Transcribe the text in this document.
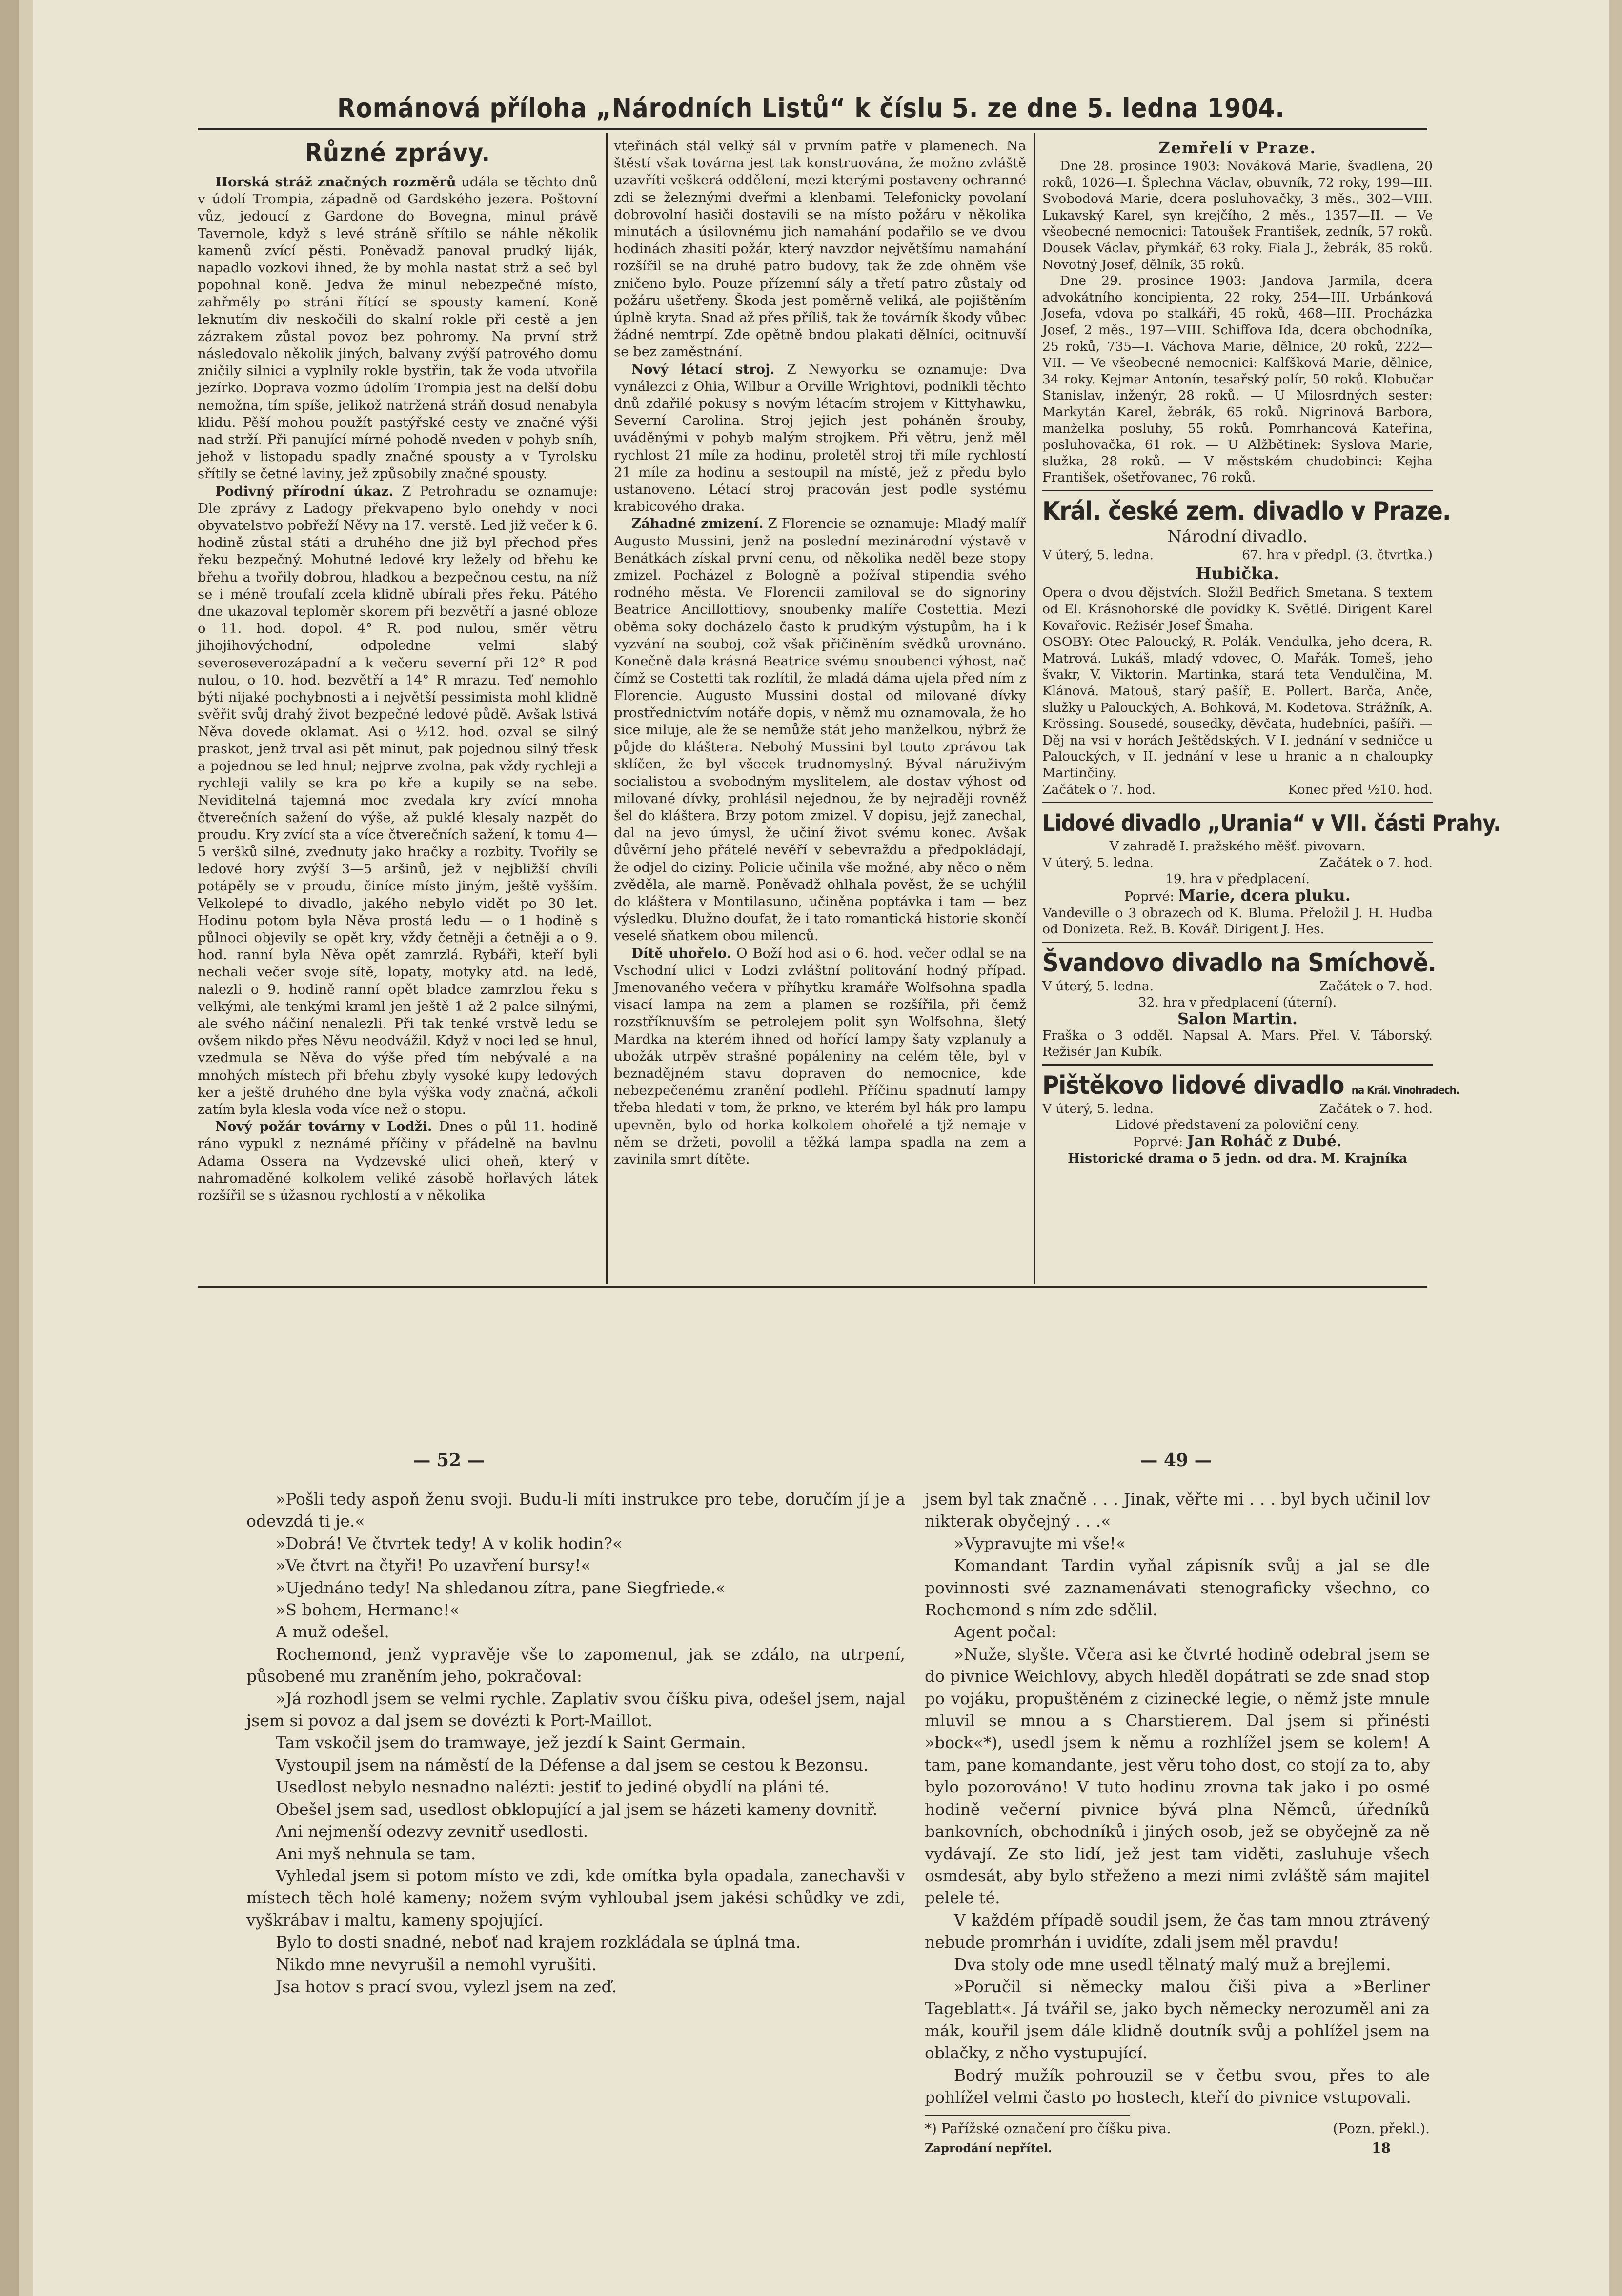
Románová příloha „Národních Listů“ k číslu 5. ze dne 5. ledna 1904.
Různé zprávy.

Horská stráž značných rozměrů udála se těchto dnů v údolí Trompia, západně od Gardského jezera. Poštovní vůz, jedoucí z Gardone do Bovegna, minul právě Tavernole, když s levé stráně sřítilo se náhle několik kamenů zvící pěsti. Poněvadž panoval prudký liják, napadlo vozkovi ihned, že by mohla nastat strž a seč byl popohnal koně. Jedva že minul nebezpečné místo, zahřměly po stráni řítící se spousty kamení. Koně leknutím div neskočili do skalní rokle při cestě a jen zázrakem zůstal povoz bez pohromy. Na první strž následovalo několik jiných, balvany zvýší patrového domu zničily silnici a vyplnily rokle bystřin, tak že voda utvořila jezírko. Doprava vozmo údolím Trompia jest na delší dobu nemožna, tím spíše, jelikož natržená stráň dosud nenabyla klidu. Pěší mohou použít pastýřské cesty ve značné výši nad strží. Při panující mírné pohodě nveden v pohyb sníh, jehož v listopadu spadly značné spousty a v Tyrolsku sřítily se četné laviny, jež způsobily značné spousty.

Podivný přírodní úkaz. Z Petrohradu se oznamuje: Dle zprávy z Ladogy překvapeno bylo onehdy v noci obyvatelstvo pobřeží Něvy na 17. verstě. Led již večer k 6. hodině zůstal státi a druhého dne již byl přechod přes řeku bezpečný. Mohutné ledové kry ležely od břehu ke břehu a tvořily dobrou, hladkou a bezpečnou cestu, na níž se i méně troufalí zcela klidně ubírali přes řeku. Pátého dne ukazoval teploměr skorem při bezvětří a jasné obloze o 11. hod. dopol. 4° R. pod nulou, směr větru jihojihovýchodní, odpoledne velmi slabý severoseverozápadní a k večeru severní při 12° R pod nulou, o 10. hod. bezvětří a 14° R mrazu. Teď nemohlo býti nijaké pochybnosti a i největší pessimista mohl klidně svěřit svůj drahý život bezpečné ledové půdě. Avšak lstivá Něva dovede oklamat. Asi o ½12. hod. ozval se silný praskot, jenž trval asi pět minut, pak pojednou silný třesk a pojednou se led hnul; nejprve zvolna, pak vždy rychleji a rychleji valily se kra po kře a kupily se na sebe. Neviditelná tajemná moc zvedala kry zvící mnoha čtverečních sažení do výše, až puklé klesaly nazpět do proudu. Kry zvící sta a více čtverečních sažení, k tomu 4—5 veršků silné, zvednuty jako hračky a rozbity. Tvořily se ledové hory zvýší 3—5 aršinů, jež v nejbližší chvíli potápěly se v proudu, činíce místo jiným, ještě vyšším. Velkolepé to divadlo, jakého nebylo vidět po 30 let. Hodinu potom byla Něva prostá ledu — o 1 hodině s půlnoci objevily se opět kry, vždy četněji a četněji a o 9. hod. ranní byla Něva opět zamrzlá. Rybáři, kteří byli nechali večer svoje sítě, lopaty, motyky atd. na ledě, nalezli o 9. hodině ranní opět bladce zamrzlou řeku s velkými, ale tenkými kraml jen ještě 1 až 2 palce silnými, ale svého náčiní nenalezli. Při tak tenké vrstvě ledu se ovšem nikdo přes Něvu neodvážil. Když v noci led se hnul, vzedmula se Něva do výše před tím nebývalé a na mnohých místech při břehu zbyly vysoké kupy ledových ker a ještě druhého dne byla výška vody značná, ačkoli zatím byla klesla voda více než o stopu.

Nový požár továrny v Lodži. Dnes o půl 11. hodině ráno vypukl z neznámé příčiny v přádelně na bavlnu Adama Ossera na Vydzevské ulici oheň, který v nahromaděné kolkolem veliké zásobě hořlavých látek rozšířil se s úžasnou rychlostí a v několika

vteřinách stál velký sál v prvním patře v plamenech. Na štěstí však továrna jest tak konstruována, že možno zvláště uzavříti veškerá oddělení, mezi kterými postaveny ochranné zdi se železnými dveřmi a klenbami. Telefonicky povolaní dobrovolní hasiči dostavili se na místo požáru v několika minutách a úsilovnému jich namahání podařilo se ve dvou hodinách zhasiti požár, který navzdor největšímu namahání rozšířil se na druhé patro budovy, tak že zde ohněm vše zničeno bylo. Pouze přízemní sály a třetí patro zůstaly od požáru ušetřeny. Škoda jest poměrně veliká, ale pojištěním úplně kryta. Snad až přes příliš, tak že továrník škody vůbec žádné nemtrpí. Zde opětně bndou plakati dělníci, ocitnuvší se bez zaměstnání.

Nový létací stroj. Z Newyorku se oznamuje: Dva vynálezci z Ohia, Wilbur a Orville Wrightovi, podnikli těchto dnů zdařilé pokusy s novým létacím strojem v Kittyhawku, Severní Carolina. Stroj jejich jest poháněn šrouby, uváděnými v pohyb malým strojkem. Při větru, jenž měl rychlost 21 míle za hodinu, proletěl stroj tři míle rychlostí 21 míle za hodinu a sestoupil na místě, jež z předu bylo ustanoveno. Létací stroj pracován jest podle systému krabicového draka.

Záhadné zmizení. Z Florencie se oznamuje: Mladý malíř Augusto Mussini, jenž na poslední mezinárodní výstavě v Benátkách získal první cenu, od několika neděl beze stopy zmizel. Pocházel z Bologně a požíval stipendia svého rodného města. Ve Florencii zamiloval se do signoriny Beatrice Ancillottiovy, snoubenky malíře Costettia. Mezi oběma soky docházelo často k prudkým výstupům, ha i k vyzvání na souboj, což však přičiněním svědků urovnáno. Konečně dala krásná Beatrice svému snoubenci výhost, nač čímž se Costetti tak rozlítil, že mladá dáma ujela před ním z Florencie. Augusto Mussini dostal od milované dívky prostřednictvím notáře dopis, v němž mu oznamovala, že ho sice miluje, ale že se nemůže stát jeho manželkou, nýbrž že půjde do kláštera. Nebohý Mussini byl touto zprávou tak sklíčen, že byl všecek trudnomyslný. Býval náruživým socialistou a svobodným myslitelem, ale dostav výhost od milované dívky, prohlásil nejednou, že by nejraději rovněž šel do kláštera. Brzy potom zmizel. V dopisu, jejž zanechal, dal na jevo úmysl, že učiní život svému konec. Avšak důvěrní jeho přátelé nevěří v sebevraždu a předpokládají, že odjel do ciziny. Policie učinila vše možné, aby něco o něm zvěděla, ale marně. Poněvadž ohlhala pověst, že se uchýlil do kláštera v Montilasuno, učiněna poptávka i tam — bez výsledku. Dlužno doufat, že i tato romantická historie skončí veselé sňatkem obou milenců.

Dítě uhořelo. O Boží hod asi o 6. hod. večer odlal se na Vschodní ulici v Lodzi zvláštní politování hodný případ. Jmenovaného večera v příhytku kramáře Wolfsohna spadla visací lampa na zem a plamen se rozšířila, při čemž rozstříknuvším se petrolejem polit syn Wolfsohna, šletý Mardka na kterém ihned od hořící lampy šaty vzplanuly a ubožák utrpěv strašné popáleniny na celém těle, byl v beznadějném stavu dopraven do nemocnice, kde nebezpečenému zranění podlehl. Příčinu spadnutí lampy třeba hledati v tom, že prkno, ve kterém byl hák pro lampu upevněn, bylo od horka kolkolem ohořelé a tjž nemaje v něm se držeti, povolil a těžká lampa spadla na zem a zavinila smrt dítěte.

Zemřelí v Praze.

Dne 28. prosince 1903: Nováková Marie, švadlena, 20 roků, 1026—I. Šplechna Václav, obuvník, 72 roky, 199—III. Svobodová Marie, dcera posluhovačky, 3 měs., 302—VIII. Lukavský Karel, syn krejčího, 2 měs., 1357—II. — Ve všeobecné nemocnici: Tatoušek František, zedník, 57 roků. Dousek Václav, přymkář, 63 roky. Fiala J., žebrák, 85 roků. Novotný Josef, dělník, 35 roků.

Dne 29. prosince 1903: Jandova Jarmila, dcera advokátního koncipienta, 22 roky, 254—III. Urbánková Josefa, vdova po stalkáři, 45 roků, 468—III. Procházka Josef, 2 měs., 197—VIII. Schiffova Ida, dcera obchodníka, 25 roků, 735—I. Váchova Marie, dělnice, 20 roků, 222—VII. — Ve všeobecné nemocnici: Kalfšková Marie, dělnice, 34 roky. Kejmar Antonín, tesařský polír, 50 roků. Klobučar Stanislav, inženýr, 28 roků. — U Milosrdných sester: Markytán Karel, žebrák, 65 roků. Nigrinová Barbora, manželka posluhy, 55 roků. Pomrhancová Kateřina, posluhovačka, 61 rok. — U Alžbětinek: Syslova Marie, služka, 28 roků. — V městském chudobinci: Kejha František, ošetřovanec, 76 roků.

Král. české zem. divadlo v Praze.
Národní divadlo.
V úterý, 5. ledna.	67. hra v předpl. (3. čtvrtka.)
Hubička.

Opera o dvou dějstvích. Složil Bedřich Smetana. S textem od El. Krásnohorské dle povídky K. Světlé. Dirigent Karel Kovařovic. Režisér Josef Šmaha.

OSOBY: Otec Paloucký, R. Polák. Vendulka, jeho dcera, R. Matrová. Lukáš, mladý vdovec, O. Mařák. Tomeš, jeho švakr, V. Viktorin. Martinka, stará teta Vendulčina, M. Klánová. Matouš, starý pašíř, E. Pollert. Barča, Anče, služky u Palouckých, A. Bohková, M. Kodetova. Strážník, A. Krössing. Sousedé, sousedky, děvčata, hudebníci, pašíři. — Děj na vsi v horách Ještědských. V I. jednání v sedničce u Palouckých, v II. jednání v lese u hranic a n chaloupky Martinčiny.

Začátek o 7. hod.	Konec před ½10. hod.
Lidové divadlo „Urania“ v VII. části Prahy.
V zahradě I. pražského měšť. pivovarn.
V úterý, 5. ledna.	Začátek o 7. hod.
19. hra v předplacení.
Poprvé: Marie, dcera pluku.

Vandeville o 3 obrazech od K. Bluma. Přeložil J. H. Hudba od Donizeta. Rež. B. Kovář. Dirigent J. Hes.

Švandovo divadlo na Smíchově.
V úterý, 5. ledna.	Začátek o 7. hod.
32. hra v předplacení (úterní).
Salon Martin.

Fraška o 3 odděl. Napsal A. Mars. Přel. V. Táborský. Režisér Jan Kubík.

Pištěkovo lidové divadlo na Král. Vinohradech.
V úterý, 5. ledna.	Začátek o 7. hod.
Lidové představení za poloviční ceny.
Poprvé: Jan Roháč z Dubé.
Historické drama o 5 jedn. od dra. M. Krajníka
— 52 —	— 49 —

»Pošli tedy aspoň ženu svoji. Budu-li míti instrukce pro tebe, doručím jí je a odevzdá ti je.«

»Dobrá! Ve čtvrtek tedy! A v kolik hodin?«

»Ve čtvrt na čtyři! Po uzavření bursy!«

»Ujednáno tedy! Na shledanou zítra, pane Siegfriede.«

»S bohem, Hermane!«

A muž odešel.

Rochemond, jenž vypravěje vše to zapomenul, jak se zdálo, na utrpení, působené mu zraněním jeho, pokračoval:

»Já rozhodl jsem se velmi rychle. Zaplativ svou číšku piva, odešel jsem, najal jsem si povoz a dal jsem se dovézti k Port-Maillot.

Tam vskočil jsem do tramwaye, jež jezdí k Saint Germain.

Vystoupil jsem na náměstí de la Défense a dal jsem se cestou k Bezonsu.

Usedlost nebylo nesnadno nalézti: jestiť to jediné obydlí na pláni té.

Obešel jsem sad, usedlost obklopující a jal jsem se házeti kameny dovnitř.

Ani nejmenší odezvy zevnitř usedlosti.

Ani myš nehnula se tam.

Vyhledal jsem si potom místo ve zdi, kde omítka byla opadala, zanechavši v místech těch holé kameny; nožem svým vyhloubal jsem jakési schůdky ve zdi, vyškrábav i maltu, kameny spojující.

Bylo to dosti snadné, neboť nad krajem rozkládala se úplná tma.

Nikdo mne nevyrušil a nemohl vyrušiti.

Jsa hotov s prací svou, vylezl jsem na zeď.

jsem byl tak značně . . . Jinak, věřte mi . . . byl bych učinil lov nikterak obyčejný . . .«

»Vypravujte mi vše!«

Komandant Tardin vyňal zápisník svůj a jal se dle povinnosti své zaznamenávati stenograficky všechno, co Rochemond s ním zde sdělil.

Agent počal:

»Nuže, slyšte. Včera asi ke čtvrté hodině odebral jsem se do pivnice Weichlovy, abych hleděl dopátrati se zde snad stop po vojáku, propuštěném z cizinecké legie, o němž jste mnule mluvil se mnou a s Charstierem. Dal jsem si přinésti »bock«*), usedl jsem k němu a rozhlížel jsem se kolem! A tam, pane komandante, jest věru toho dost, co stojí za to, aby bylo pozorováno! V tuto hodinu zrovna tak jako i po osmé hodině večerní pivnice bývá plna Němců, úředníků bankovních, obchodníků i jiných osob, jež se obyčejně za ně vydávají. Ze sto lidí, jež jest tam viděti, zasluhuje všech osmdesát, aby bylo střeženo a mezi nimi zvláště sám majitel pelele té.

V každém případě soudil jsem, že čas tam mnou ztrávený nebude promrhán i uvidíte, zdali jsem měl pravdu!

Dva stoly ode mne usedl tělnatý malý muž a brejlemi.

»Poručil si německy malou čiši piva a »Berliner Tageblatt«. Já tvářil se, jako bych německy nerozuměl ani za mák, kouřil jsem dále klidně doutník svůj a pohlížel jsem na oblačky, z něho vystupující.

Bodrý mužík pohrouzil se v četbu svou, přes to ale pohlížel velmi často po hostech, kteří do pivnice vstupovali.

*) Pařížské označení pro číšku piva.	(Pozn. překl.).
Zaprodání nepřítel.	18
